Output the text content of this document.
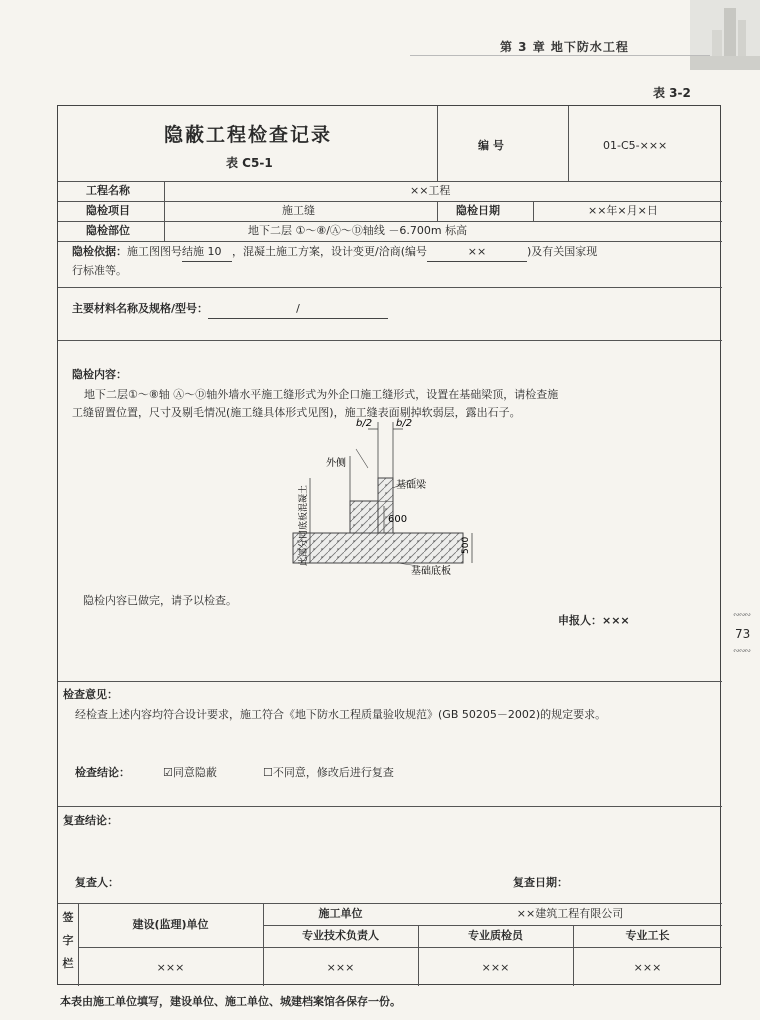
第 3 章 地下防水工程
表 3-2
隐蔽工程检查记录
表 C5-1
编 号	01-C5-×××
工程名称	××工程
隐检项目	施工缝	隐检日期	××年×月×日
隐检部位	地下二层 ①～⑧/Ⓐ～Ⓓ轴线 －6.700m 标高
隐检依据：施工图图号结施 10 ，混凝土施工方案，设计变更/洽商(编号	××	)及有关国家现
行标准等。
主要材料名称及规格/型号：	/
隐检内容：
地下二层①～⑧轴 Ⓐ～Ⓓ轴外墙水平施工缝形式为外企口施工缝形式，设置在基础梁顶，请检查施
工缝留置位置，尺寸及剔毛情况(施工缝具体形式见图)，施工缝表面剔掉软弱层，露出石子。
b/2 b/2
外侧
基础梁
600
500
基础底板
此部分同底板混凝土
隐检内容已做完，请予以检查。
申报人：×××
检查意见：
经检查上述内容均符合设计要求，施工符合《地下防水工程质量验收规范》(GB 50205－2002)的规定要求。
检查结论：	☑同意隐蔽	☐不同意，修改后进行复查
复查结论：
复查人：	复查日期：
签
字
栏
建设(监理)单位
施工单位	××建筑工程有限公司
专业技术负责人	专业质检员	专业工长
×××	×××	×××	×××
∾∾∾
73
∾∾∾
本表由施工单位填写，建设单位、施工单位、城建档案馆各保存一份。
